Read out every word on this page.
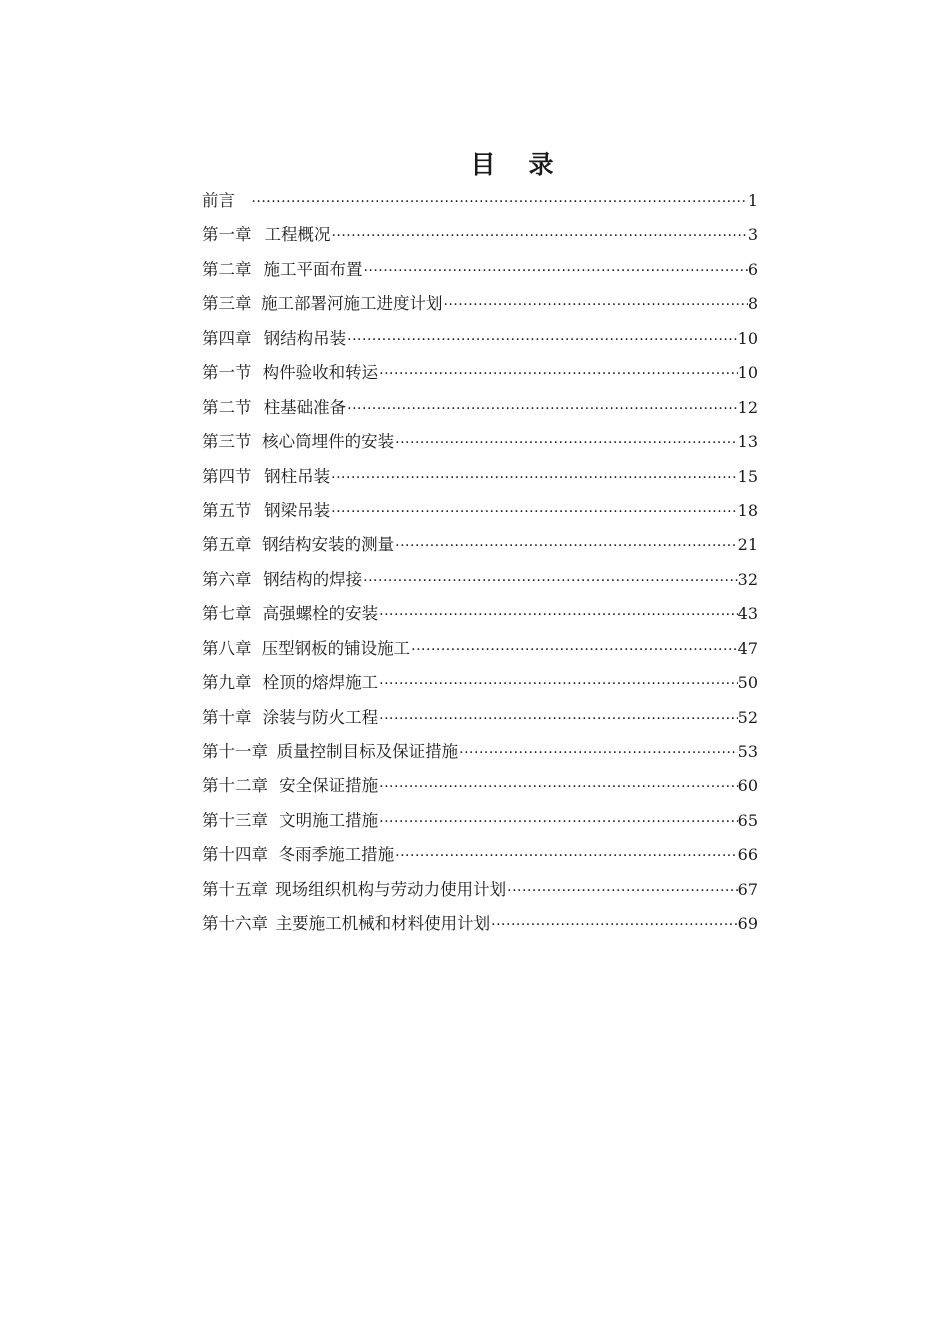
目　录
前言 ·····	1
第一章 工程概况 ·····	3
第二章 施工平面布置 ·····	6
第三章 施工部署河施工进度计划 ·····	8
第四章 钢结构吊装 ·····	10
第一节 构件验收和转运 ·····	10
第二节 柱基础准备 ·····	12
第三节 核心筒埋件的安装 ·····	13
第四节 钢柱吊装 ·····	15
第五节 钢梁吊装 ·····	18
第五章 钢结构安装的测量 ·····	21
第六章 钢结构的焊接 ·····	32
第七章 高强螺栓的安装 ·····	43
第八章 压型钢板的铺设施工 ·····	47
第九章 栓顶的熔焊施工 ·····	50
第十章 涂装与防火工程 ·····	52
第十一章 质量控制目标及保证措施 ·····	53
第十二章 安全保证措施 ·····	60
第十三章 文明施工措施 ·····	65
第十四章 冬雨季施工措施 ·····	66
第十五章 现场组织机构与劳动力使用计划 ·····	67
第十六章 主要施工机械和材料使用计划 ·····	69
